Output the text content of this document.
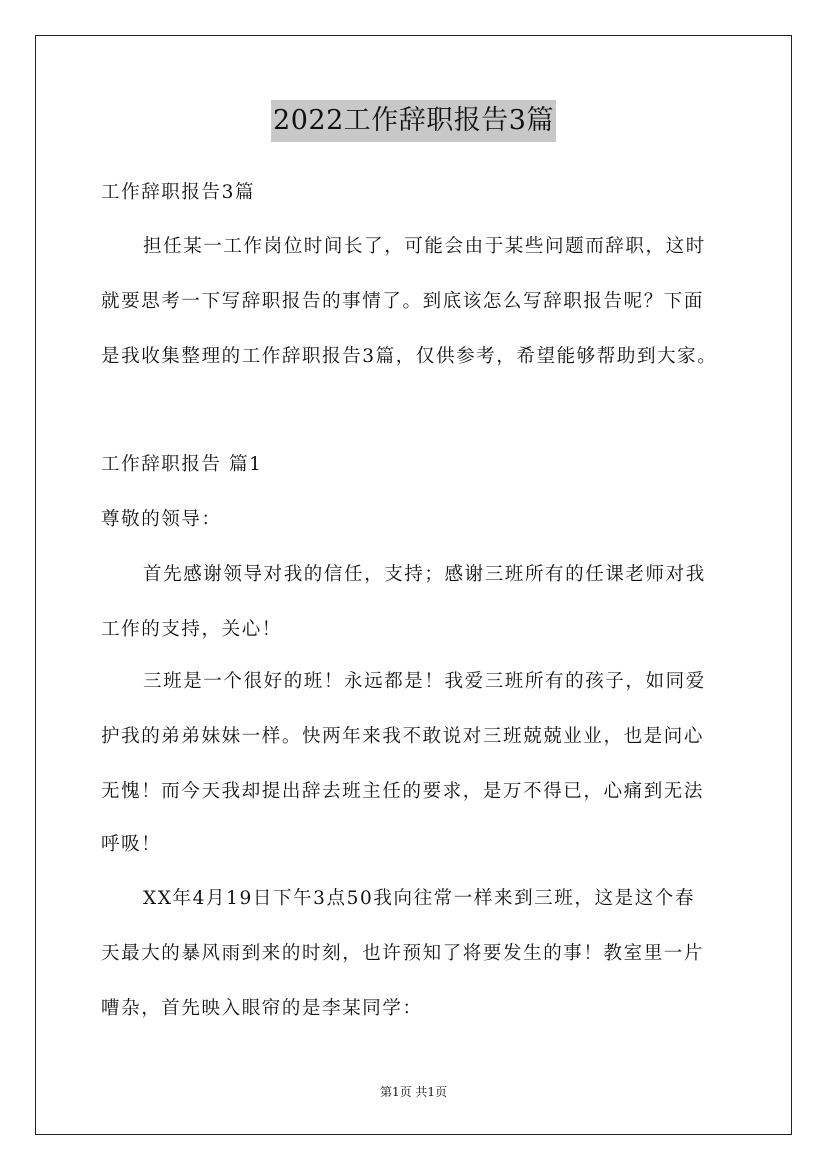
2022工作辞职报告3篇
工作辞职报告3篇
担任某一工作岗位时间长了，可能会由于某些问题而辞职，这时
就要思考一下写辞职报告的事情了。到底该怎么写辞职报告呢？下面
是我收集整理的工作辞职报告3篇，仅供参考，希望能够帮助到大家。
工作辞职报告 篇1
尊敬的领导：
首先感谢领导对我的信任，支持；感谢三班所有的任课老师对我
工作的支持，关心！
三班是一个很好的班！永远都是！我爱三班所有的孩子，如同爱
护我的弟弟妹妹一样。快两年来我不敢说对三班兢兢业业，也是问心
无愧！而今天我却提出辞去班主任的要求，是万不得已，心痛到无法
呼吸！
XX年4月19日下午3点50我向往常一样来到三班，这是这个春
天最大的暴风雨到来的时刻，也许预知了将要发生的事！教室里一片
嘈杂，首先映入眼帘的是李某同学：
第1页 共1页
